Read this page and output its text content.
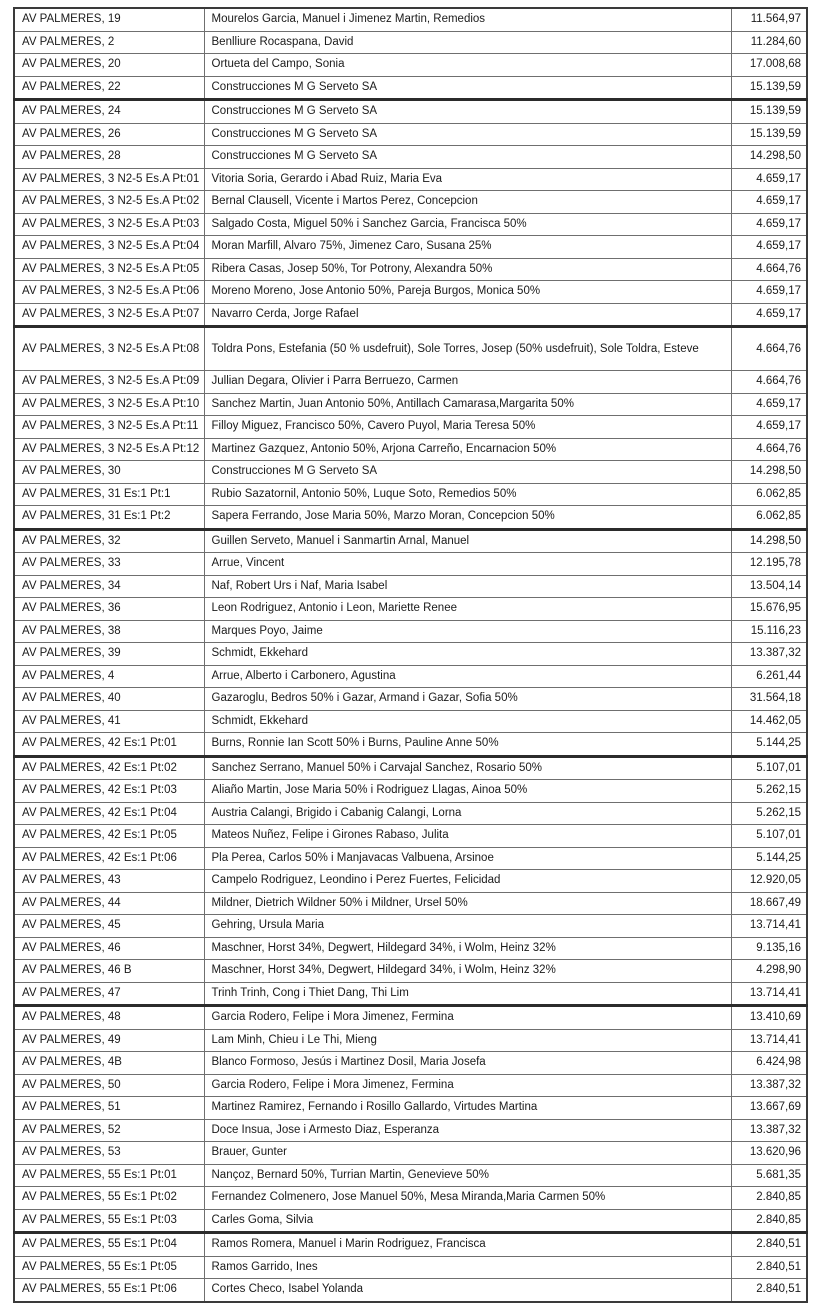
AV PALMERES, 19	Mourelos Garcia, Manuel i Jimenez Martin, Remedios	11.564,97
AV PALMERES, 2	Benlliure Rocaspana, David	11.284,60
AV PALMERES, 20	Ortueta del Campo, Sonia	17.008,68
AV PALMERES, 22	Construcciones M G Serveto SA	15.139,59
AV PALMERES, 24	Construcciones M G Serveto SA	15.139,59
AV PALMERES, 26	Construcciones M G Serveto SA	15.139,59
AV PALMERES, 28	Construcciones M G Serveto SA	14.298,50
AV PALMERES, 3 N2-5 Es.A Pt:01	Vitoria Soria, Gerardo i Abad Ruiz, Maria Eva	4.659,17
AV PALMERES, 3 N2-5 Es.A Pt:02	Bernal Clausell, Vicente i Martos Perez, Concepcion	4.659,17
AV PALMERES, 3 N2-5 Es.A Pt:03	Salgado Costa, Miguel 50% i Sanchez Garcia, Francisca 50%	4.659,17
AV PALMERES, 3 N2-5 Es.A Pt:04	Moran Marfill, Alvaro 75%, Jimenez Caro, Susana 25%	4.659,17
AV PALMERES, 3 N2-5 Es.A Pt:05	Ribera Casas, Josep 50%, Tor Potrony, Alexandra 50%	4.664,76
AV PALMERES, 3 N2-5 Es.A Pt:06	Moreno Moreno, Jose Antonio 50%, Pareja Burgos, Monica 50%	4.659,17
AV PALMERES, 3 N2-5 Es.A Pt:07	Navarro Cerda, Jorge Rafael	4.659,17
AV PALMERES, 3 N2-5 Es.A Pt:08	Toldra Pons, Estefania (50 % usdefruit), Sole Torres, Josep (50% usdefruit), Sole Toldra, Esteve	4.664,76
AV PALMERES, 3 N2-5 Es.A Pt:09	Jullian Degara, Olivier i Parra Berruezo, Carmen	4.664,76
AV PALMERES, 3 N2-5 Es.A Pt:10	Sanchez Martin, Juan Antonio 50%, Antillach Camarasa,Margarita 50%	4.659,17
AV PALMERES, 3 N2-5 Es.A Pt:11	Filloy Miguez, Francisco 50%, Cavero Puyol, Maria Teresa 50%	4.659,17
AV PALMERES, 3 N2-5 Es.A Pt:12	Martinez Gazquez, Antonio 50%, Arjona Carreño, Encarnacion 50%	4.664,76
AV PALMERES, 30	Construcciones M G Serveto SA	14.298,50
AV PALMERES, 31 Es:1 Pt:1	Rubio Sazatornil, Antonio 50%, Luque Soto, Remedios 50%	6.062,85
AV PALMERES, 31 Es:1 Pt:2	Sapera Ferrando, Jose Maria 50%, Marzo Moran, Concepcion 50%	6.062,85
AV PALMERES, 32	Guillen Serveto, Manuel i Sanmartin Arnal, Manuel	14.298,50
AV PALMERES, 33	Arrue, Vincent	12.195,78
AV PALMERES, 34	Naf, Robert Urs i Naf, Maria Isabel	13.504,14
AV PALMERES, 36	Leon Rodriguez, Antonio i Leon, Mariette Renee	15.676,95
AV PALMERES, 38	Marques Poyo, Jaime	15.116,23
AV PALMERES, 39	Schmidt, Ekkehard	13.387,32
AV PALMERES, 4	Arrue, Alberto i Carbonero, Agustina	6.261,44
AV PALMERES, 40	Gazaroglu, Bedros 50% i Gazar, Armand i Gazar, Sofia 50%	31.564,18
AV PALMERES, 41	Schmidt, Ekkehard	14.462,05
AV PALMERES, 42 Es:1 Pt:01	Burns, Ronnie Ian Scott 50% i Burns, Pauline Anne 50%	5.144,25
AV PALMERES, 42 Es:1 Pt:02	Sanchez Serrano, Manuel 50% i Carvajal Sanchez, Rosario 50%	5.107,01
AV PALMERES, 42 Es:1 Pt:03	Aliaño Martin, Jose Maria 50% i Rodriguez Llagas, Ainoa 50%	5.262,15
AV PALMERES, 42 Es:1 Pt:04	Austria Calangi, Brigido i Cabanig Calangi, Lorna	5.262,15
AV PALMERES, 42 Es:1 Pt:05	Mateos Nuñez, Felipe i Girones Rabaso, Julita	5.107,01
AV PALMERES, 42 Es:1 Pt:06	Pla Perea, Carlos 50% i Manjavacas Valbuena, Arsinoe	5.144,25
AV PALMERES, 43	Campelo Rodriguez, Leondino i Perez Fuertes, Felicidad	12.920,05
AV PALMERES, 44	Mildner, Dietrich Wildner 50% i Mildner, Ursel 50%	18.667,49
AV PALMERES, 45	Gehring, Ursula Maria	13.714,41
AV PALMERES, 46	Maschner, Horst 34%, Degwert, Hildegard 34%, i Wolm, Heinz 32%	9.135,16
AV PALMERES, 46 B	Maschner, Horst 34%, Degwert, Hildegard 34%, i Wolm, Heinz 32%	4.298,90
AV PALMERES, 47	Trinh Trinh, Cong i Thiet Dang, Thi Lim	13.714,41
AV PALMERES, 48	Garcia Rodero, Felipe i Mora Jimenez, Fermina	13.410,69
AV PALMERES, 49	Lam Minh, Chieu i Le Thi, Mieng	13.714,41
AV PALMERES, 4B	Blanco Formoso, Jesús i Martinez Dosil, Maria Josefa	6.424,98
AV PALMERES, 50	Garcia Rodero, Felipe i Mora Jimenez, Fermina	13.387,32
AV PALMERES, 51	Martinez Ramirez, Fernando i Rosillo Gallardo, Virtudes Martina	13.667,69
AV PALMERES, 52	Doce Insua, Jose i Armesto Diaz, Esperanza	13.387,32
AV PALMERES, 53	Brauer, Gunter	13.620,96
AV PALMERES, 55 Es:1 Pt:01	Nançoz, Bernard 50%, Turrian Martin, Genevieve 50%	5.681,35
AV PALMERES, 55 Es:1 Pt:02	Fernandez Colmenero, Jose Manuel 50%, Mesa Miranda,Maria Carmen 50%	2.840,85
AV PALMERES, 55 Es:1 Pt:03	Carles Goma, Silvia	2.840,85
AV PALMERES, 55 Es:1 Pt:04	Ramos Romera, Manuel i Marin Rodriguez, Francisca	2.840,51
AV PALMERES, 55 Es:1 Pt:05	Ramos Garrido, Ines	2.840,51
AV PALMERES, 55 Es:1 Pt:06	Cortes Checo, Isabel Yolanda	2.840,51
